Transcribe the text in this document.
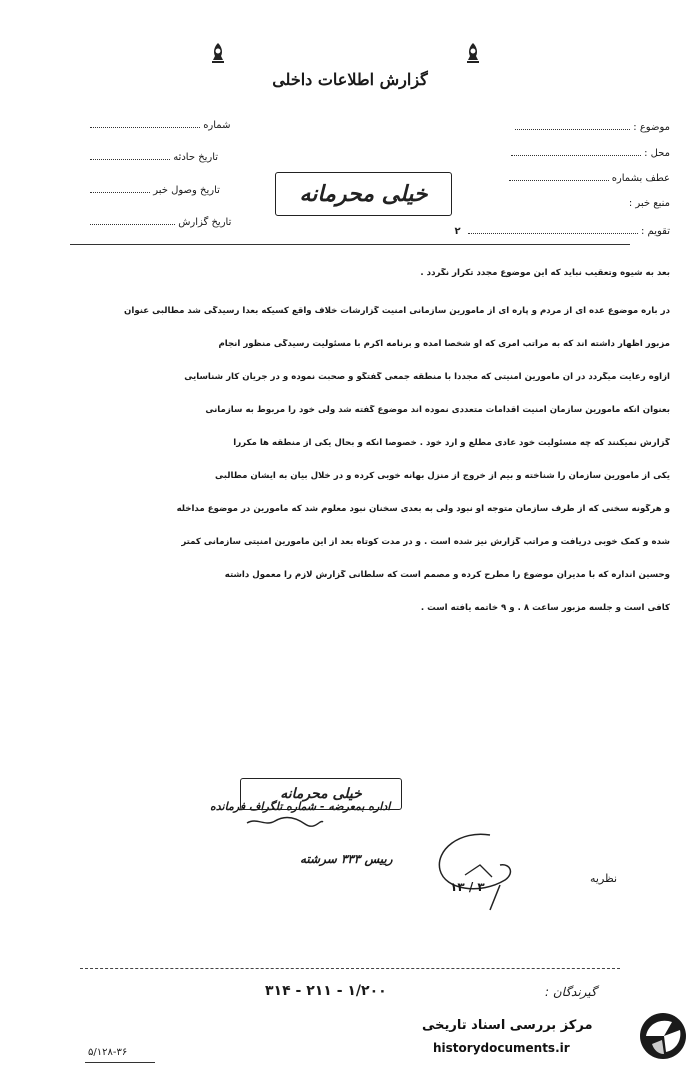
گزارش اطلاعات داخلی
موضوع :
محل :
عطف بشماره
منبع خبر :
تقویم :  ۲
خیلی محرمانه
شماره
تاریخ حادثه
تاریخ وصول خبر
تاریخ گزارش
بعد به شیوه وتعقیب نباید که این موضوع مجدد تکرار نگردد .
در باره موضوع عده ای از مردم و پاره ای از مامورین سازمانی امنیت گزارشات خلاف واقع کسیکه بعداً رسیدگی شد مطالبی عنوان
مزبور اظهار داشته اند که به مراتب امری که او شخصاً آمده و برنامه اکرم با مسئولیت رسیدگی منظور انجام
ازاوه رعایت میگردد در آن مامورین امنیتی که مجدداً با منطقه جمعی گفتگو و صحبت نموده و در جریان کار شناسایی
بعنوان آنکه مامورین سازمان امنیت اقدامات متعددی نموده اند موضوع گفته شد ولی خود را مربوط به سازمانی
گزارش نمیکنند که چه مسئولیت خود عادی مطلع و ارد خود . خصوصاً آنکه و بحال یکی از منطقه ها مکرراً
یکی از مامورین سازمان را شناخته و بیم از خروج از منزل بهانه خوبی کرده و در خلال بیان به ایشان مطالبی
و هرگونه سخنی که از طرف سازمان متوجه او نبود ولی به بعدی سخنان نبود معلوم شد که مامورین در موضوع مداخله
شده و کمک خوبی دریافت و مراتب گزارش نیز شده است . و در مدت کوتاه بعد از این مامورین امنیتی سازمانی کمتر
وحسین انداره که با مدیران موضوع را مطرح کرده و مصمم است که سلطانی گزارش لازم را معمول داشته
کافی است و جلسه مزبور ساعت ۸ . و ۹ خاتمه یافته است .
اداره بمعرضه - شماره تلگراف فرمانده
خیلی محرمانه
رییس ۳۳۳ سرشته
نظریه
۳ / ۱۳
گیرندگان :
۳۱۴ - ۲۱۱ - ۱/۲۰۰
۵/۱۲۸-۳۶
مرکز بررسی اسناد تاریخی
historydocuments.ir
